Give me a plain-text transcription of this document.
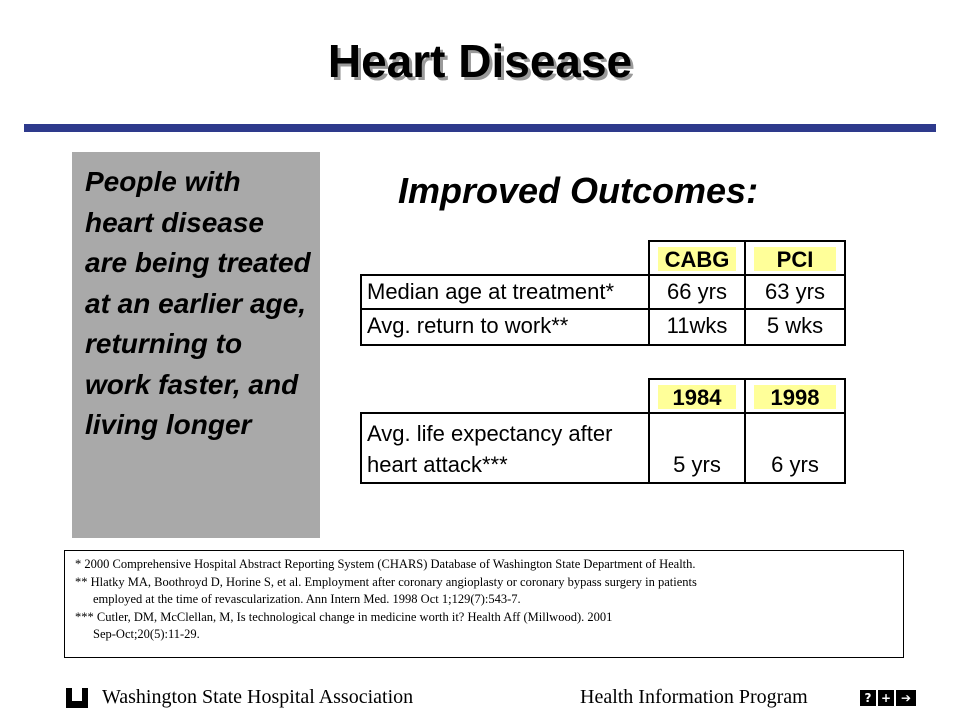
Heart Disease
People with heart disease are being treated at an earlier age, returning to work faster, and living longer
Improved Outcomes:
CABG	PCI
Median age at treatment*	66 yrs	63 yrs
Avg. return to work**	11wks	5 wks
1984	1998
Avg. life expectancy after
heart attack***	5 yrs	6 yrs
* 2000 Comprehensive Hospital Abstract Reporting System (CHARS) Database of Washington State Department of Health.
** Hlatky MA, Boothroyd D, Horine S, et al. Employment after coronary angioplasty or coronary bypass surgery in patients
employed at the time of revascularization. Ann Intern Med. 1998 Oct 1;129(7):543-7.
*** Cutler, DM, McClellan, M, Is technological change in medicine worth it? Health Aff (Millwood). 2001
Sep-Oct;20(5):11-29.
Washington State Hospital Association	Health Information Program	? + ➔
